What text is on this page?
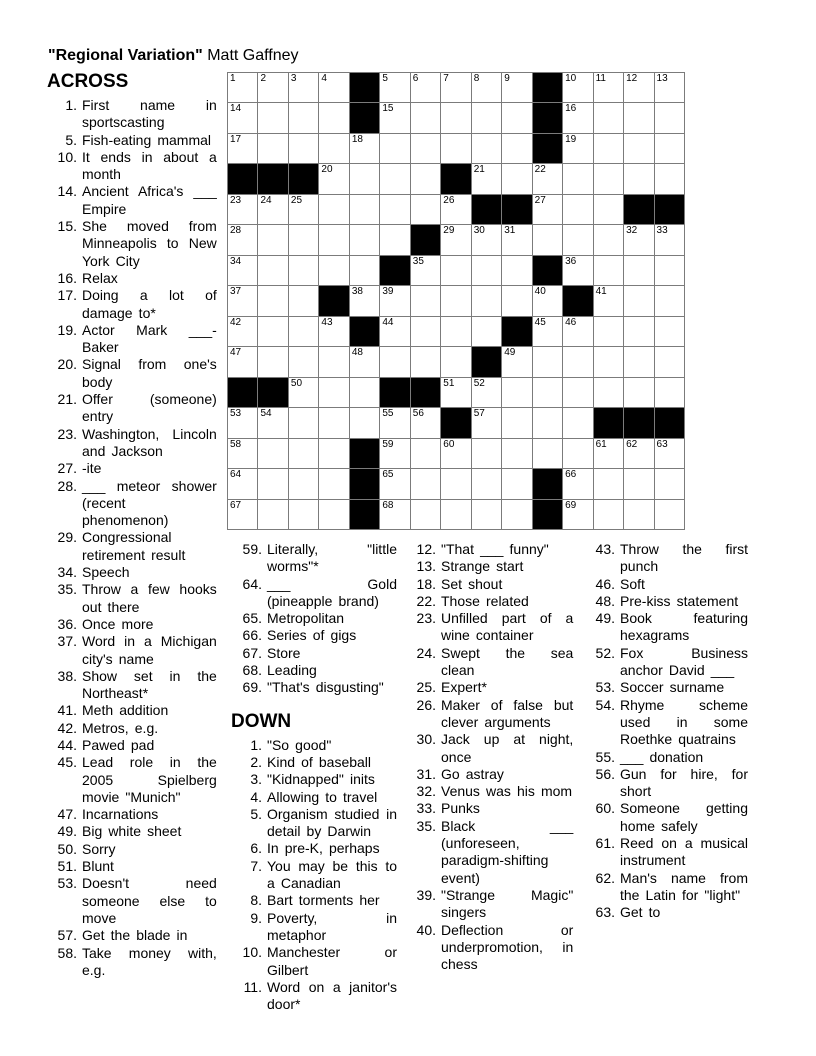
"Regional Variation" Matt Gaffney
1 2 3 4	5 6 7 8 9	10 11 12 13
14	15	16
17	18	19
20	21	22
23 24 25	26	27
28	29 30 31	32 33
34	35	36
37	38 39	40	41
42	43	44	45 46
47	48	49
50	51 52
53 54	55 56	57
58	59	60	61 62 63
64	65	66
67	68	69
ACROSS
1. First name in sportscasting
5. Fish-eating mammal
10. It ends in about a month
14. Ancient Africa's ___ Empire
15. She moved from Minneapolis to New York City
16. Relax
17. Doing a lot of damage to*
19. Actor Mark ___-Baker
20. Signal from one's body
21. Offer (someone) entry
23. Washington, Lincoln and Jackson
27. -ite
28. ___ meteor shower (recent phenomenon)
29. Congressional retirement result
34. Speech
35. Throw a few hooks out there
36. Once more
37. Word in a Michigan city's name
38. Show set in the Northeast*
41. Meth addition
42. Metros, e.g.
44. Pawed pad
45. Lead role in the 2005 Spielberg movie "Munich"
47. Incarnations
49. Big white sheet
50. Sorry
51. Blunt
53. Doesn't need someone else to move
57. Get the blade in
58. Take money with, e.g.
59. Literally, "little worms"*
64. ___ Gold (pineapple brand)
65. Metropolitan
66. Series of gigs
67. Store
68. Leading
69. "That's disgusting"
DOWN
1. "So good"
2. Kind of baseball
3. "Kidnapped" inits
4. Allowing to travel
5. Organism studied in detail by Darwin
6. In pre-K, perhaps
7. You may be this to a Canadian
8. Bart torments her
9. Poverty, in metaphor
10. Manchester or Gilbert
11. Word on a janitor's door*
12. "That ___ funny"
13. Strange start
18. Set shout
22. Those related
23. Unfilled part of a wine container
24. Swept the sea clean
25. Expert*
26. Maker of false but clever arguments
30. Jack up at night, once
31. Go astray
32. Venus was his mom
33. Punks
35. Black ___ (unforeseen, paradigm-shifting event)
39. "Strange Magic" singers
40. Deflection or underpromotion, in chess
43. Throw the first punch
46. Soft
48. Pre-kiss statement
49. Book featuring hexagrams
52. Fox Business anchor David ___
53. Soccer surname
54. Rhyme scheme used in some Roethke quatrains
55. ___ donation
56. Gun for hire, for short
60. Someone getting home safely
61. Reed on a musical instrument
62. Man's name from the Latin for "light"
63. Get to
